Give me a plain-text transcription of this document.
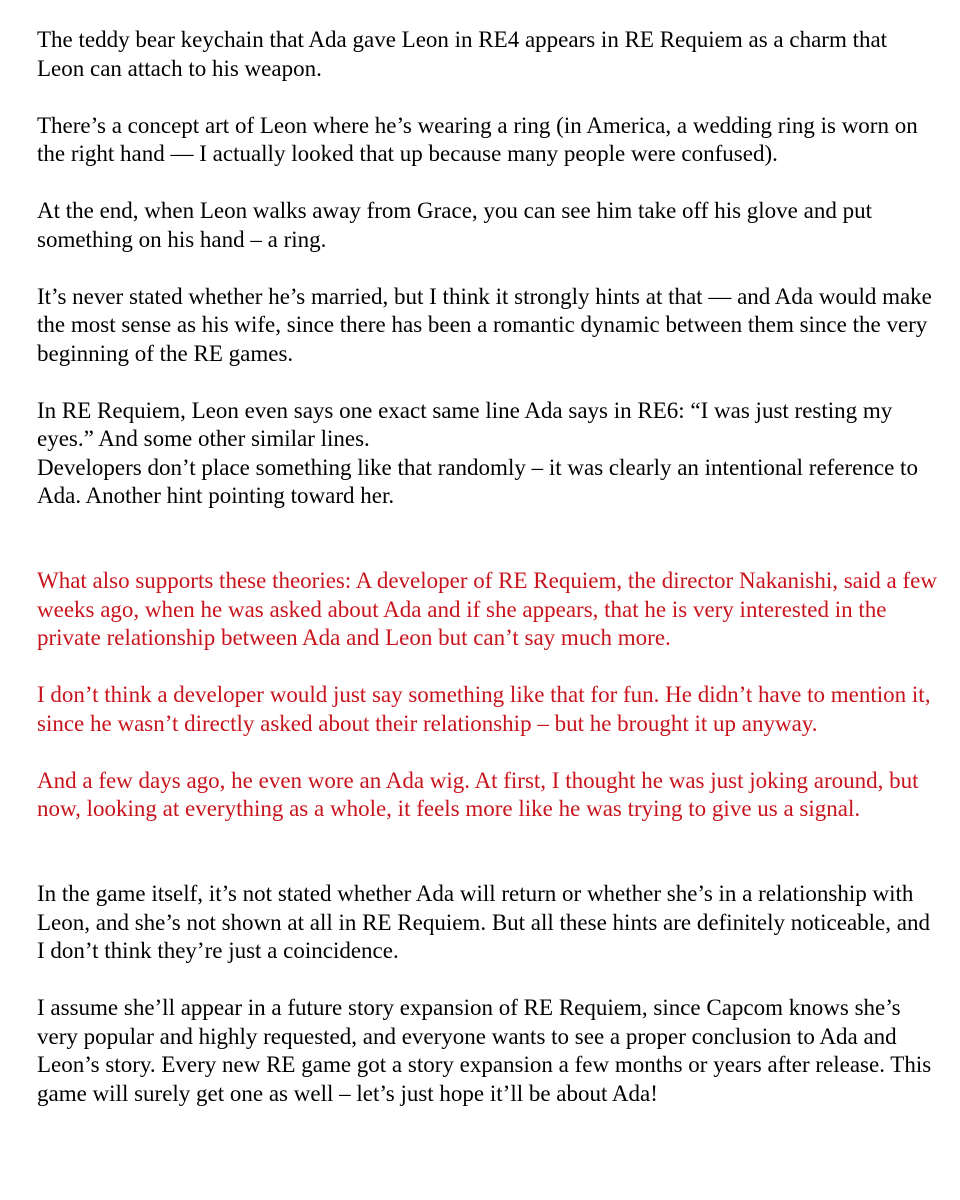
The teddy bear keychain that Ada gave Leon in RE4 appears in RE Requiem as a charm that Leon can attach to his weapon.

There’s a concept art of Leon where he’s wearing a ring (in America, a wedding ring is worn on the right hand — I actually looked that up because many people were confused).

At the end, when Leon walks away from Grace, you can see him take off his glove and put something on his hand – a ring.

It’s never stated whether he’s married, but I think it strongly hints at that — and Ada would make the most sense as his wife, since there has been a romantic dynamic between them since the very beginning of the RE games.

In RE Requiem, Leon even says one exact same line Ada says in RE6: “I was just resting my eyes.” And some other similar lines.

Developers don’t place something like that randomly – it was clearly an intentional reference to Ada. Another hint pointing toward her.

What also supports these theories: A developer of RE Requiem, the director Nakanishi, said a few weeks ago, when he was asked about Ada and if she appears, that he is very interested in the private relationship between Ada and Leon but can’t say much more.

I don’t think a developer would just say something like that for fun. He didn’t have to mention it, since he wasn’t directly asked about their relationship – but he brought it up anyway.

And a few days ago, he even wore an Ada wig. At first, I thought he was just joking around, but now, looking at everything as a whole, it feels more like he was trying to give us a signal.

In the game itself, it’s not stated whether Ada will return or whether she’s in a relationship with Leon, and she’s not shown at all in RE Requiem. But all these hints are definitely noticeable, and I don’t think they’re just a coincidence.

I assume she’ll appear in a future story expansion of RE Requiem, since Capcom knows she’s very popular and highly requested, and everyone wants to see a proper conclusion to Ada and Leon’s story. Every new RE game got a story expansion a few months or years after release. This game will surely get one as well – let’s just hope it’ll be about Ada!
